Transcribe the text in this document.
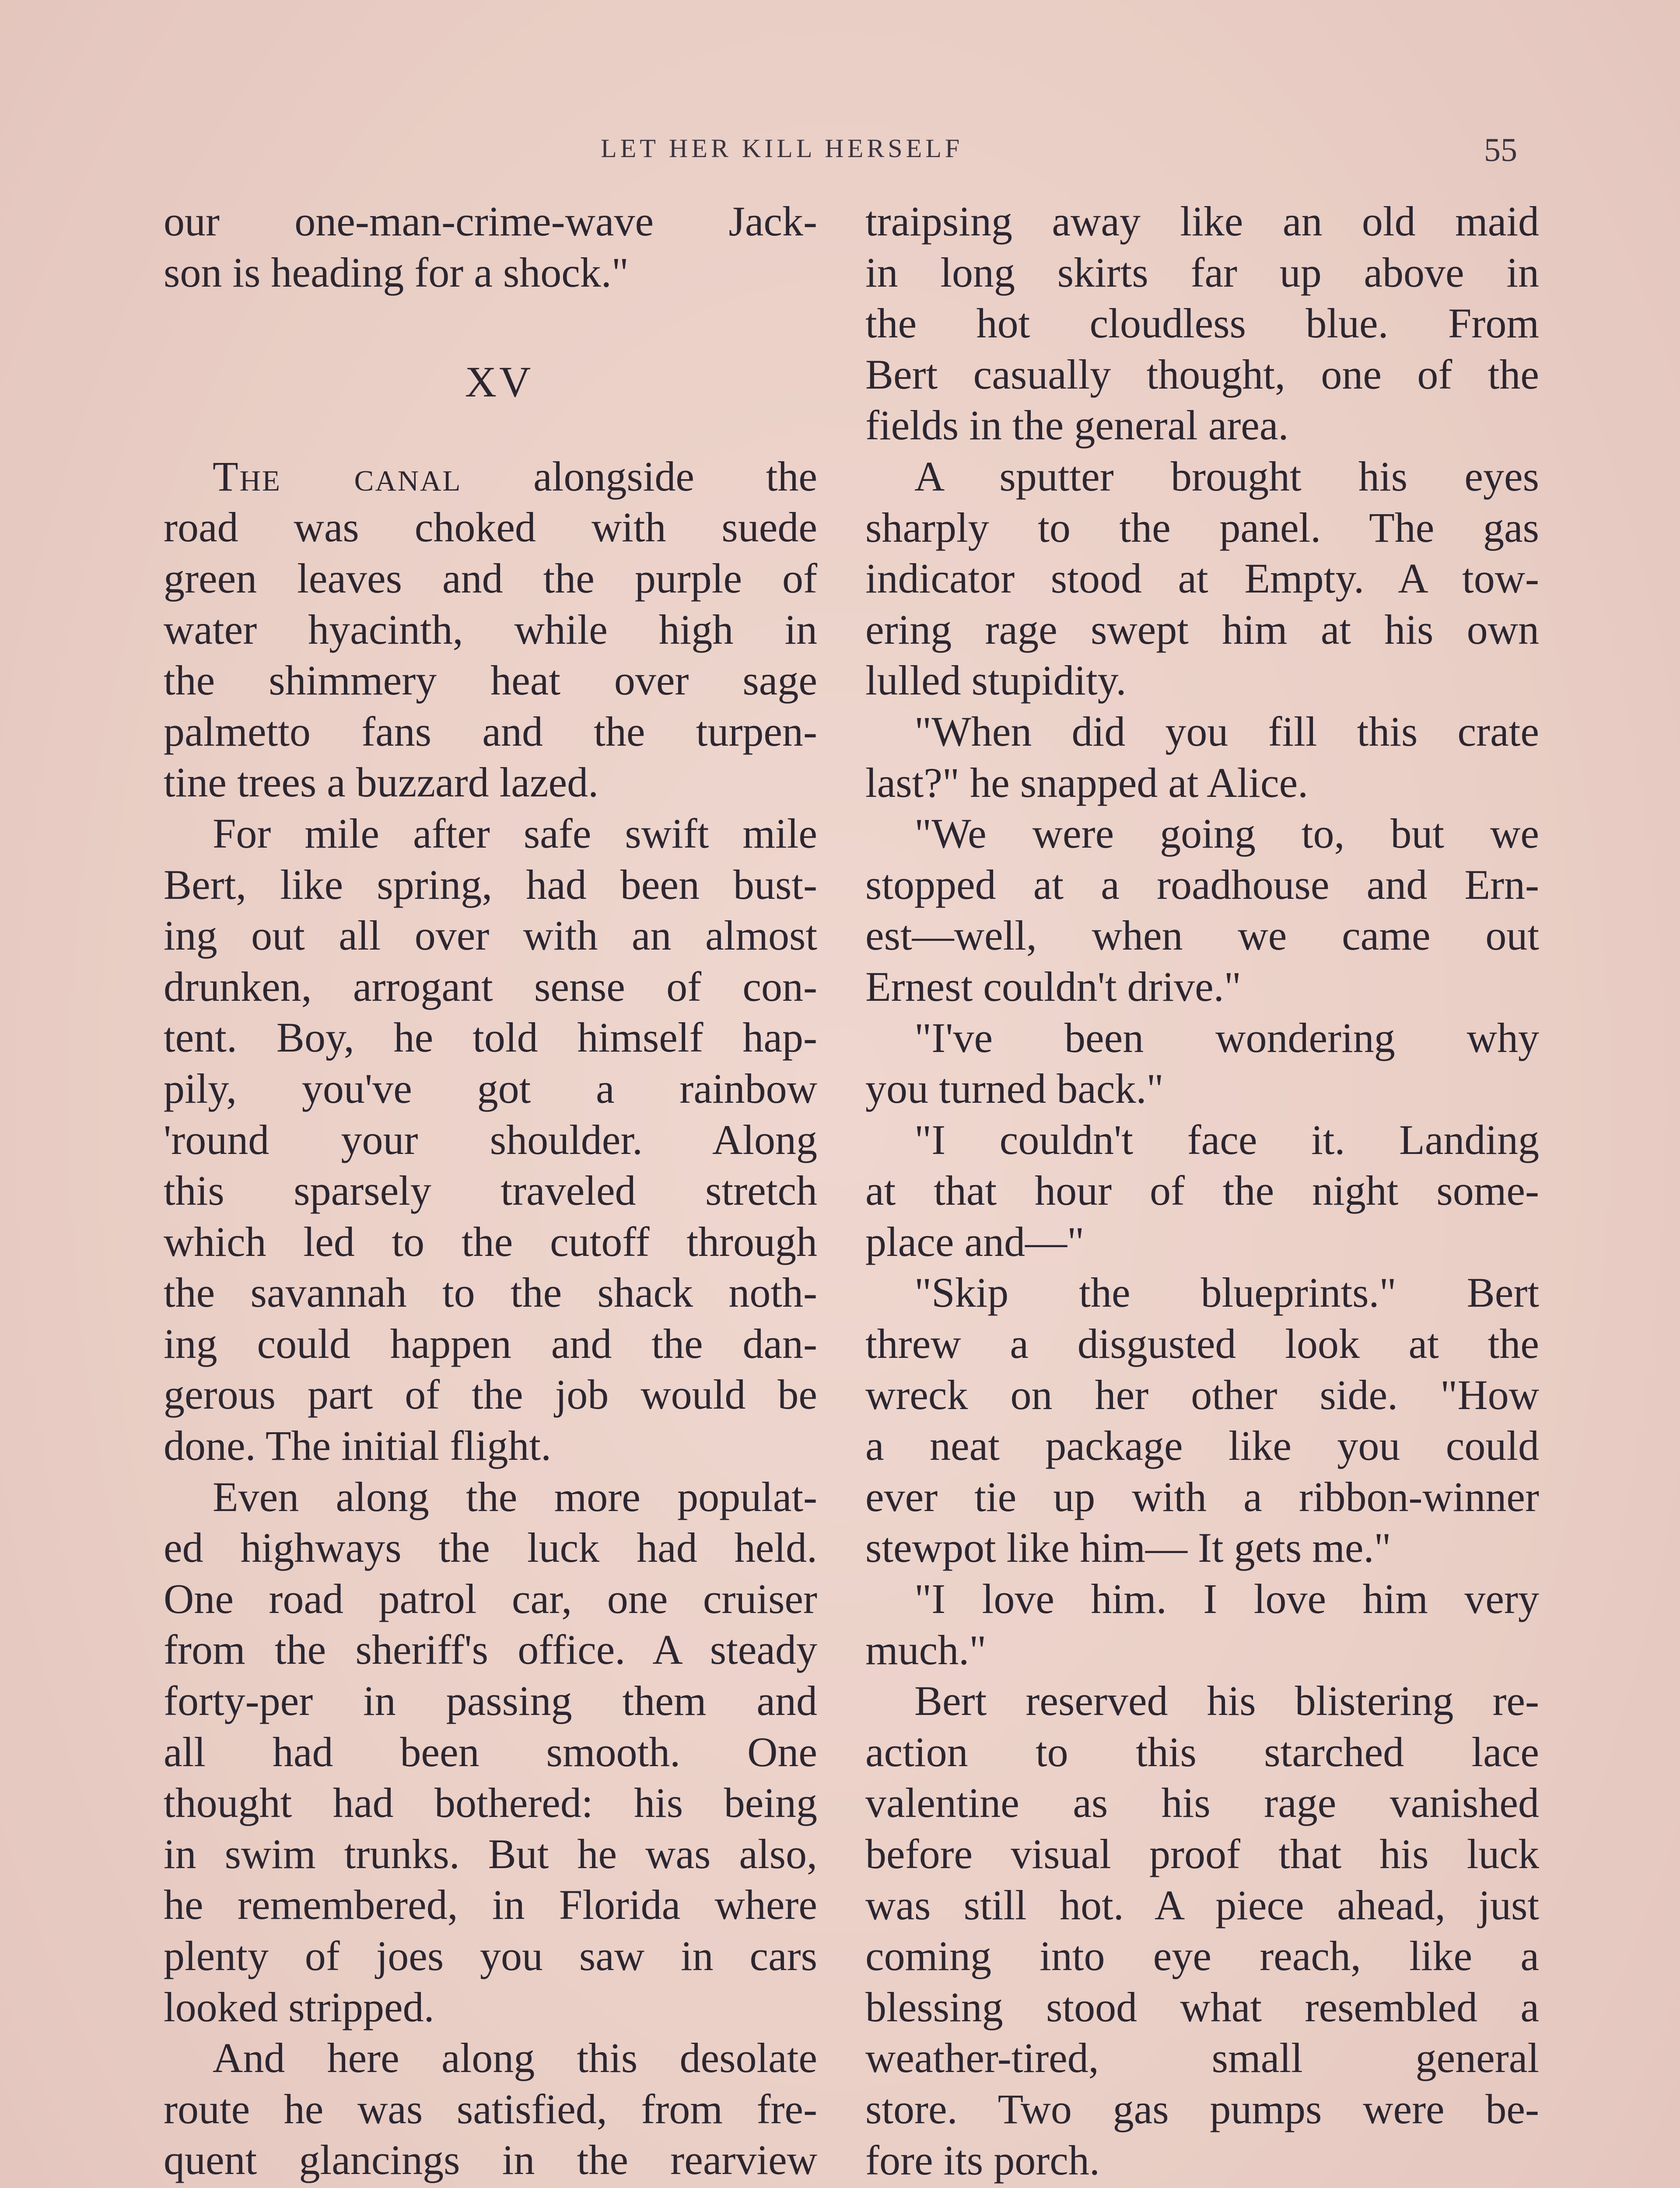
LET HER KILL HERSELF	55
our one-man-crime-wave Jack-
son is heading for a shock."
XV
The canal alongside the
road was choked with suede
green leaves and the purple of
water hyacinth, while high in
the shimmery heat over sage
palmetto fans and the turpen-
tine trees a buzzard lazed.
For mile after safe swift mile
Bert, like spring, had been bust-
ing out all over with an almost
drunken, arrogant sense of con-
tent. Boy, he told himself hap-
pily, you've got a rainbow
'round your shoulder. Along
this sparsely traveled stretch
which led to the cutoff through
the savannah to the shack noth-
ing could happen and the dan-
gerous part of the job would be
done. The initial flight.
Even along the more populat-
ed highways the luck had held.
One road patrol car, one cruiser
from the sheriff's office. A steady
forty-per in passing them and
all had been smooth. One
thought had bothered: his being
in swim trunks. But he was also,
he remembered, in Florida where
plenty of joes you saw in cars
looked stripped.
And here along this desolate
route he was satisfied, from fre-
quent glancings in the rearview
traipsing away like an old maid
in long skirts far up above in
the hot cloudless blue. From
Bert casually thought, one of the
fields in the general area.
A sputter brought his eyes
sharply to the panel. The gas
indicator stood at Empty. A tow-
ering rage swept him at his own
lulled stupidity.
"When did you fill this crate
last?" he snapped at Alice.
"We were going to, but we
stopped at a roadhouse and Ern-
est—well, when we came out
Ernest couldn't drive."
"I've been wondering why
you turned back."
"I couldn't face it. Landing
at that hour of the night some-
place and—"
"Skip the blueprints." Bert
threw a disgusted look at the
wreck on her other side. "How
a neat package like you could
ever tie up with a ribbon-winner
stewpot like him— It gets me."
"I love him. I love him very
much."
Bert reserved his blistering re-
action to this starched lace
valentine as his rage vanished
before visual proof that his luck
was still hot. A piece ahead, just
coming into eye reach, like a
blessing stood what resembled a
weather-tired, small general
store. Two gas pumps were be-
fore its porch.
